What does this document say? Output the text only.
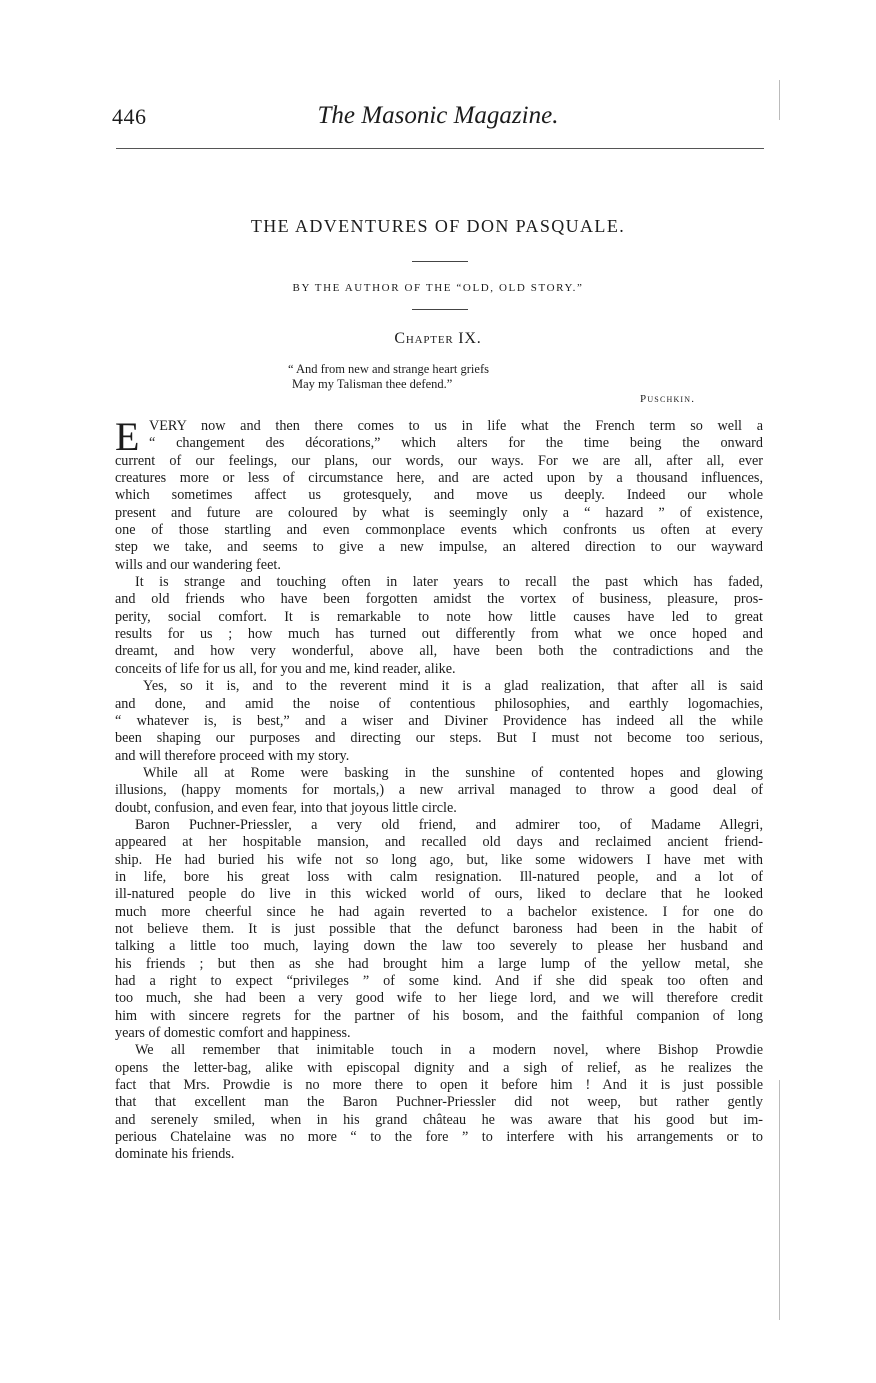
446	The Masonic Magazine.
THE ADVENTURES OF DON PASQUALE.
BY THE AUTHOR OF THE “OLD, OLD STORY.”
Chapter IX.
“ And from new and strange heart griefs
May my Talisman thee defend.”
Puschkin.
E VERY now and then there comes to us in life what the French term so well a
“ changement des décorations,” which alters for the time being the onward
current of our feelings, our plans, our words, our ways. For we are all, after all, ever
creatures more or less of circumstance here, and are acted upon by a thousand influences,
which sometimes affect us grotesquely, and move us deeply. Indeed our whole
present and future are coloured by what is seemingly only a “ hazard ” of existence,
one of those startling and even commonplace events which confronts us often at every
step we take, and seems to give a new impulse, an altered direction to our wayward
wills and our wandering feet.
It is strange and touching often in later years to recall the past which has faded,
and old friends who have been forgotten amidst the vortex of business, pleasure, pros-
perity, social comfort. It is remarkable to note how little causes have led to great
results for us ; how much has turned out differently from what we once hoped and
dreamt, and how very wonderful, above all, have been both the contradictions and the
conceits of life for us all, for you and me, kind reader, alike.
Yes, so it is, and to the reverent mind it is a glad realization, that after all is said
and done, and amid the noise of contentious philosophies, and earthly logomachies,
“ whatever is, is best,” and a wiser and Diviner Providence has indeed all the while
been shaping our purposes and directing our steps. But I must not become too serious,
and will therefore proceed with my story.
While all at Rome were basking in the sunshine of contented hopes and glowing
illusions, (happy moments for mortals,) a new arrival managed to throw a good deal of
doubt, confusion, and even fear, into that joyous little circle.
Baron Puchner-Priessler, a very old friend, and admirer too, of Madame Allegri,
appeared at her hospitable mansion, and recalled old days and reclaimed ancient friend-
ship. He had buried his wife not so long ago, but, like some widowers I have met with
in life, bore his great loss with calm resignation. Ill-natured people, and a lot of
ill-natured people do live in this wicked world of ours, liked to declare that he looked
much more cheerful since he had again reverted to a bachelor existence. I for one do
not believe them. It is just possible that the defunct baroness had been in the habit of
talking a little too much, laying down the law too severely to please her husband and
his friends ; but then as she had brought him a large lump of the yellow metal, she
had a right to expect “privileges ” of some kind. And if she did speak too often and
too much, she had been a very good wife to her liege lord, and we will therefore credit
him with sincere regrets for the partner of his bosom, and the faithful companion of long
years of domestic comfort and happiness.
We all remember that inimitable touch in a modern novel, where Bishop Prowdie
opens the letter-bag, alike with episcopal dignity and a sigh of relief, as he realizes the
fact that Mrs. Prowdie is no more there to open it before him ! And it is just possible
that that excellent man the Baron Puchner-Priessler did not weep, but rather gently
and serenely smiled, when in his grand château he was aware that his good but im-
perious Chatelaine was no more “ to the fore ” to interfere with his arrangements or to
dominate his friends.
